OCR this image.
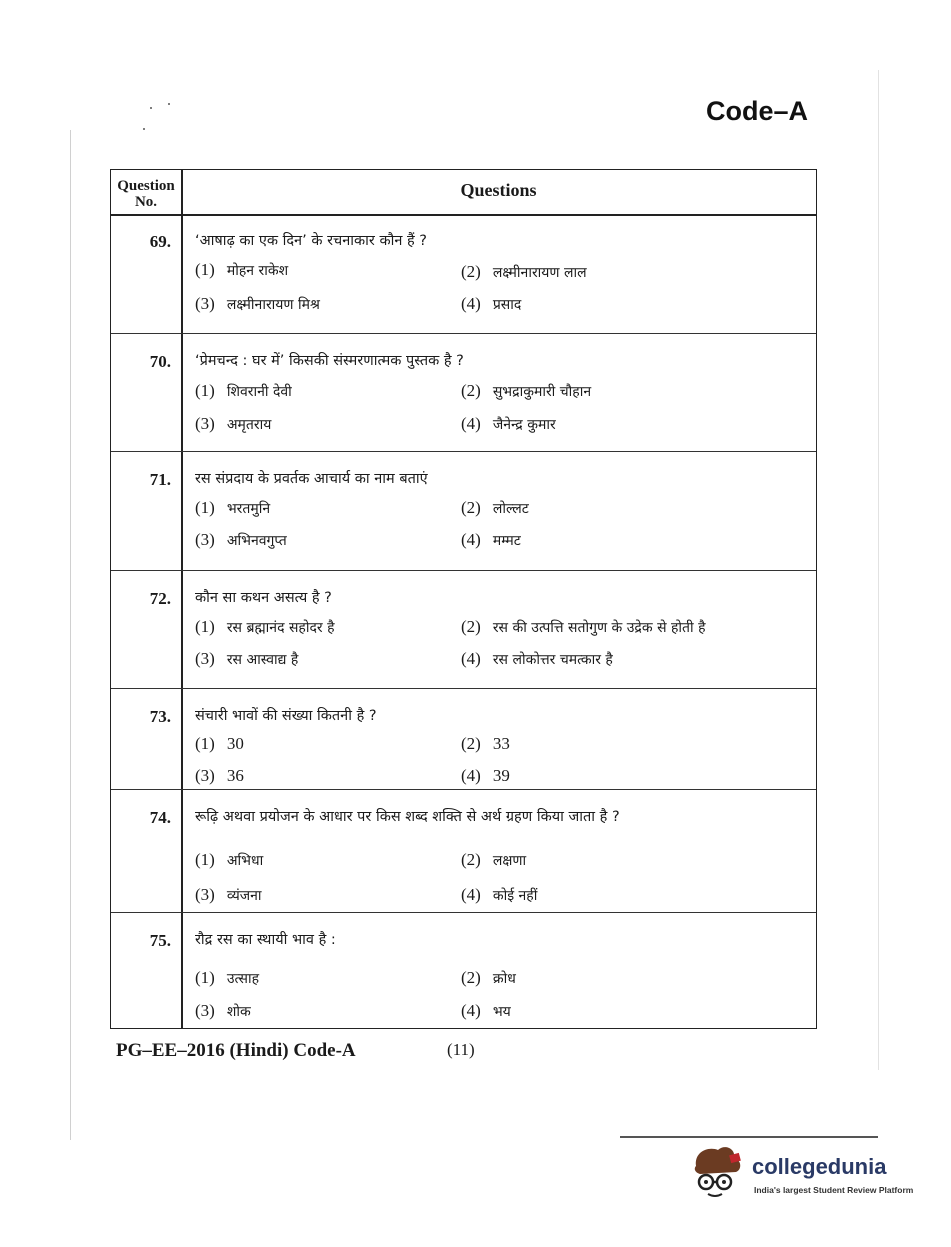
Code–A
Question
No.
Questions
69. ‘आषाढ़ का एक दिन’ के रचनाकार कौन हैं ?
(1) मोहन राकेश	(2) लक्ष्मीनारायण लाल
(3) लक्ष्मीनारायण मिश्र	(4) प्रसाद
70. ‘प्रेमचन्द : घर में’ किसकी संस्मरणात्मक पुस्तक है ?
(1) शिवरानी देवी	(2) सुभद्राकुमारी चौहान
(3) अमृतराय	(4) जैनेन्द्र कुमार
71. रस संप्रदाय के प्रवर्तक आचार्य का नाम बताएं
(1) भरतमुनि	(2) लोल्लट
(3) अभिनवगुप्त	(4) मम्मट
72. कौन सा कथन असत्य है ?
(1) रस ब्रह्मानंद सहोदर है	(2) रस की उत्पत्ति सतोगुण के उद्रेक से होती है
(3) रस आस्वाद्य है	(4) रस लोकोत्तर चमत्कार है
73. संचारी भावों की संख्या कितनी है ?
(1) 30	(2) 33
(3) 36	(4) 39
74. रूढ़ि अथवा प्रयोजन के आधार पर किस शब्द शक्ति से अर्थ ग्रहण किया जाता है ?
(1) अभिधा	(2) लक्षणा
(3) व्यंजना	(4) कोई नहीं
75. रौद्र रस का स्थायी भाव है :
(1) उत्साह	(2) क्रोध
(3) शोक	(4) भय
PG–EE–2016 (Hindi) Code-A	(11)
collegedunia
India's largest Student Review Platform
